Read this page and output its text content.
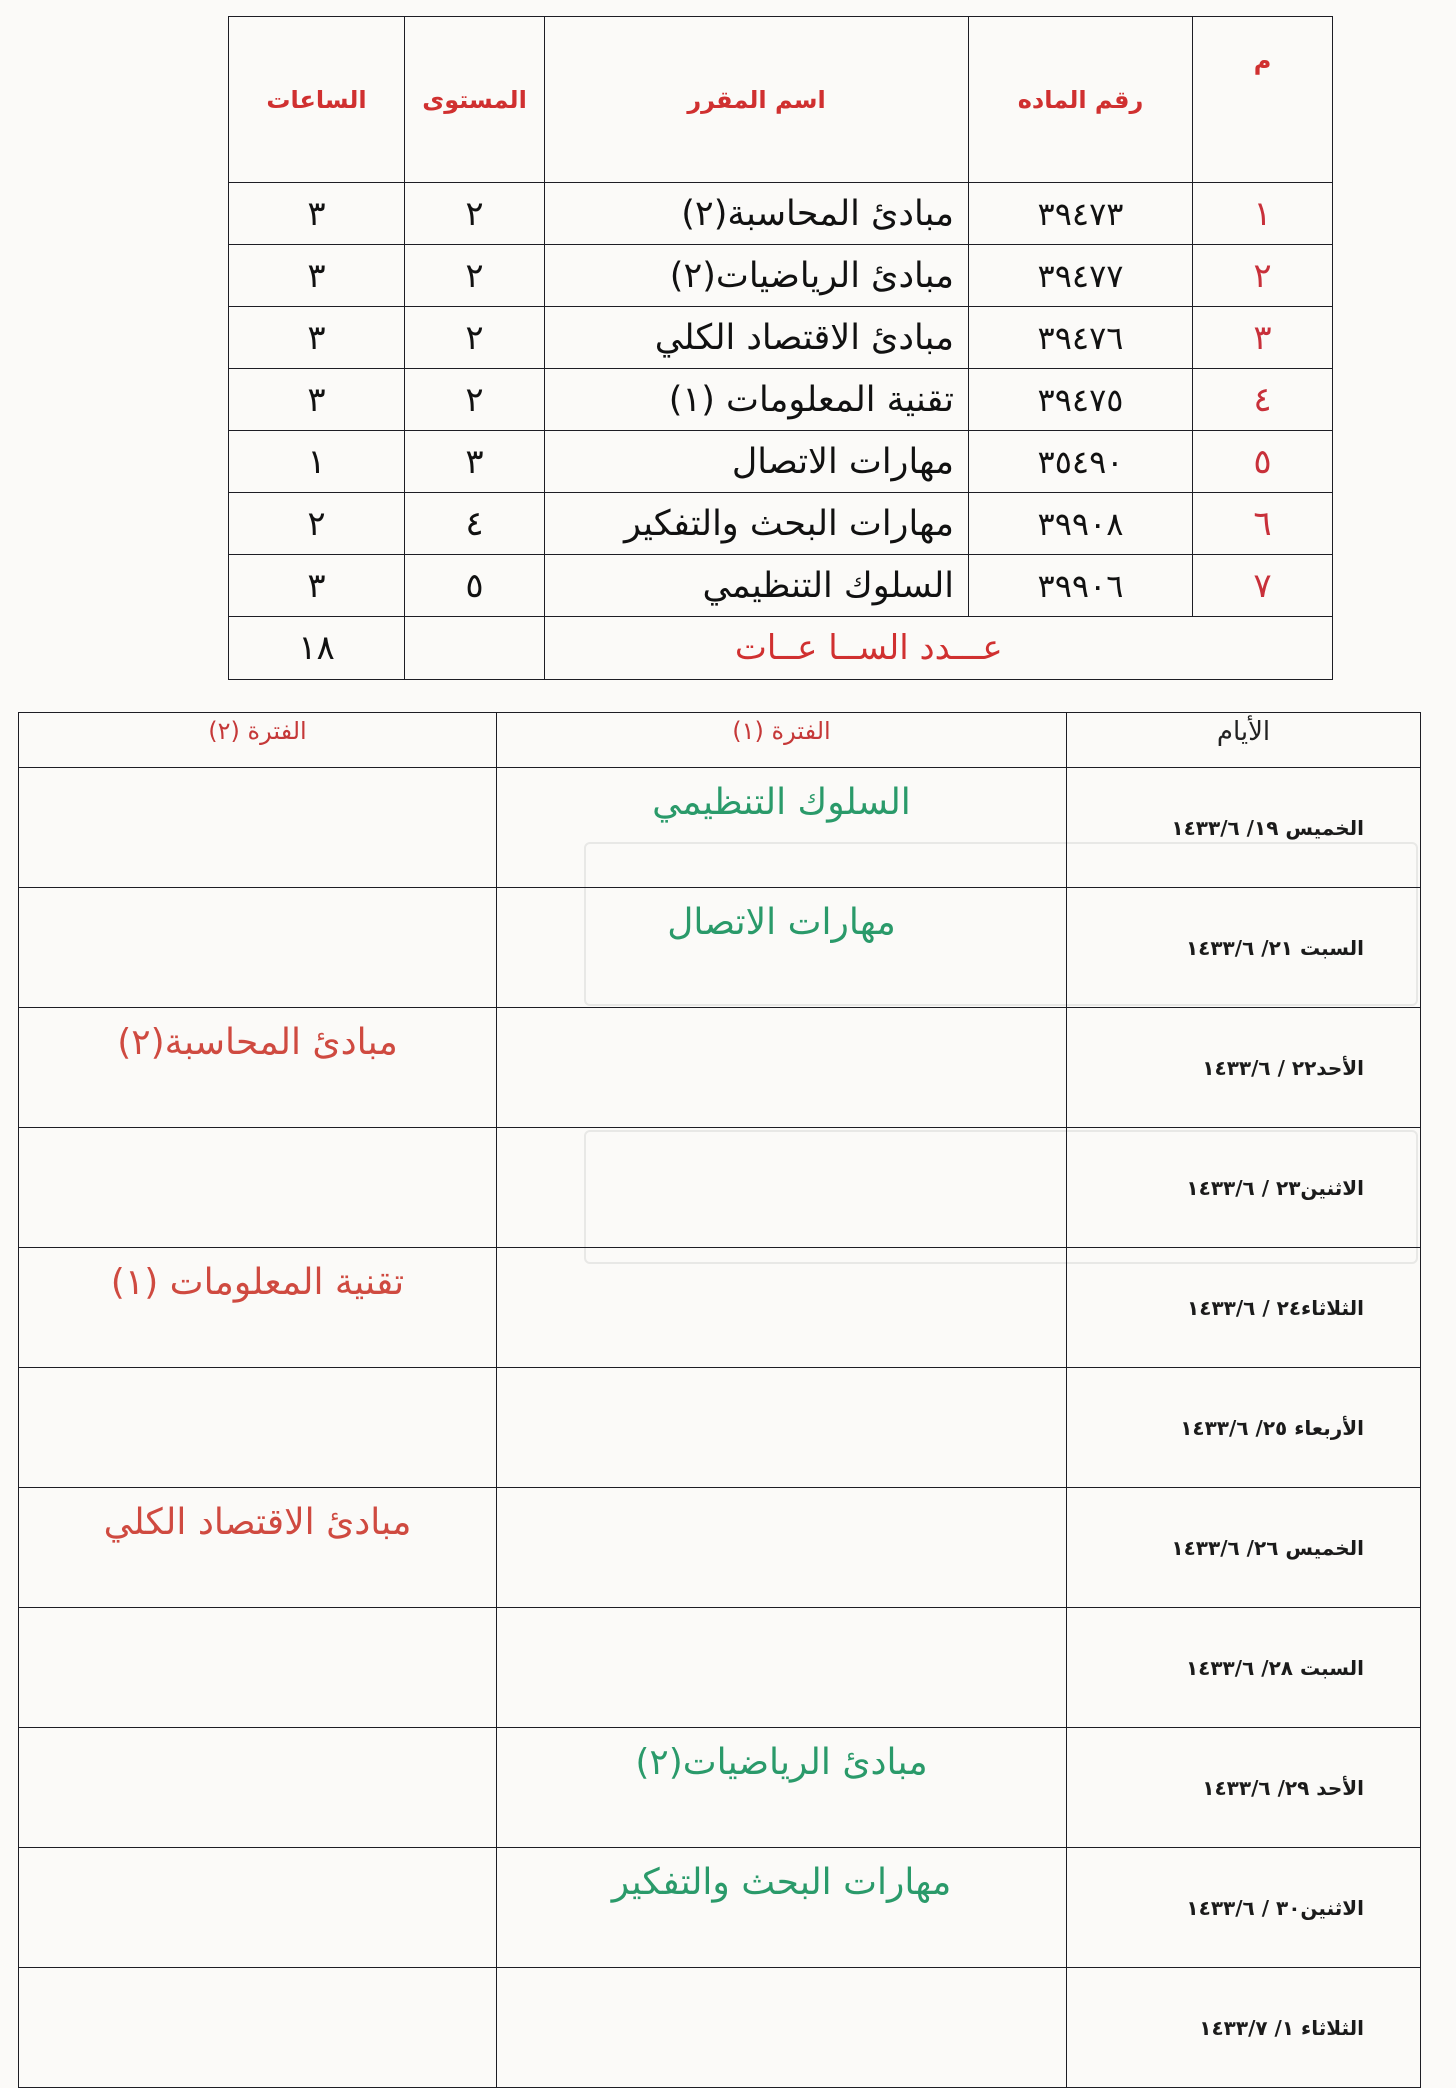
م	رقم الماده	اسم المقرر	المستوى	الساعات
١	٣٩٤٧٣	مبادئ المحاسبة(٢)	٢	٣
٢	٣٩٤٧٧	مبادئ الرياضيات(٢)	٢	٣
٣	٣٩٤٧٦	مبادئ الاقتصاد الكلي	٢	٣
٤	٣٩٤٧٥	تقنية المعلومات (١)	٢	٣
٥	٣٥٤٩٠	مهارات الاتصال	٣	١
٦	٣٩٩٠٨	مهارات البحث والتفكير	٤	٢
٧	٣٩٩٠٦	السلوك التنظيمي	٥	٣
	عـــدد الســا عــات			١٨
الأيام	الفترة (١)	الفترة (٢)
الخميس ١٩/ ١٤٣٣/٦	السلوك التنظيمي	
السبت ٢١/ ١٤٣٣/٦	مهارات الاتصال	
الأحد٢٢ / ١٤٣٣/٦		مبادئ المحاسبة(٢)
الاثنين٢٣ / ١٤٣٣/٦		
الثلاثاء٢٤ / ١٤٣٣/٦		تقنية المعلومات (١)
الأربعاء ٢٥/ ١٤٣٣/٦		
الخميس ٢٦/ ١٤٣٣/٦		مبادئ الاقتصاد الكلي
السبت ٢٨/ ١٤٣٣/٦		
الأحد ٢٩/ ١٤٣٣/٦	مبادئ الرياضيات(٢)	
الاثنين٣٠ / ١٤٣٣/٦	مهارات البحث والتفكير	
الثلاثاء ١/ ١٤٣٣/٧		
